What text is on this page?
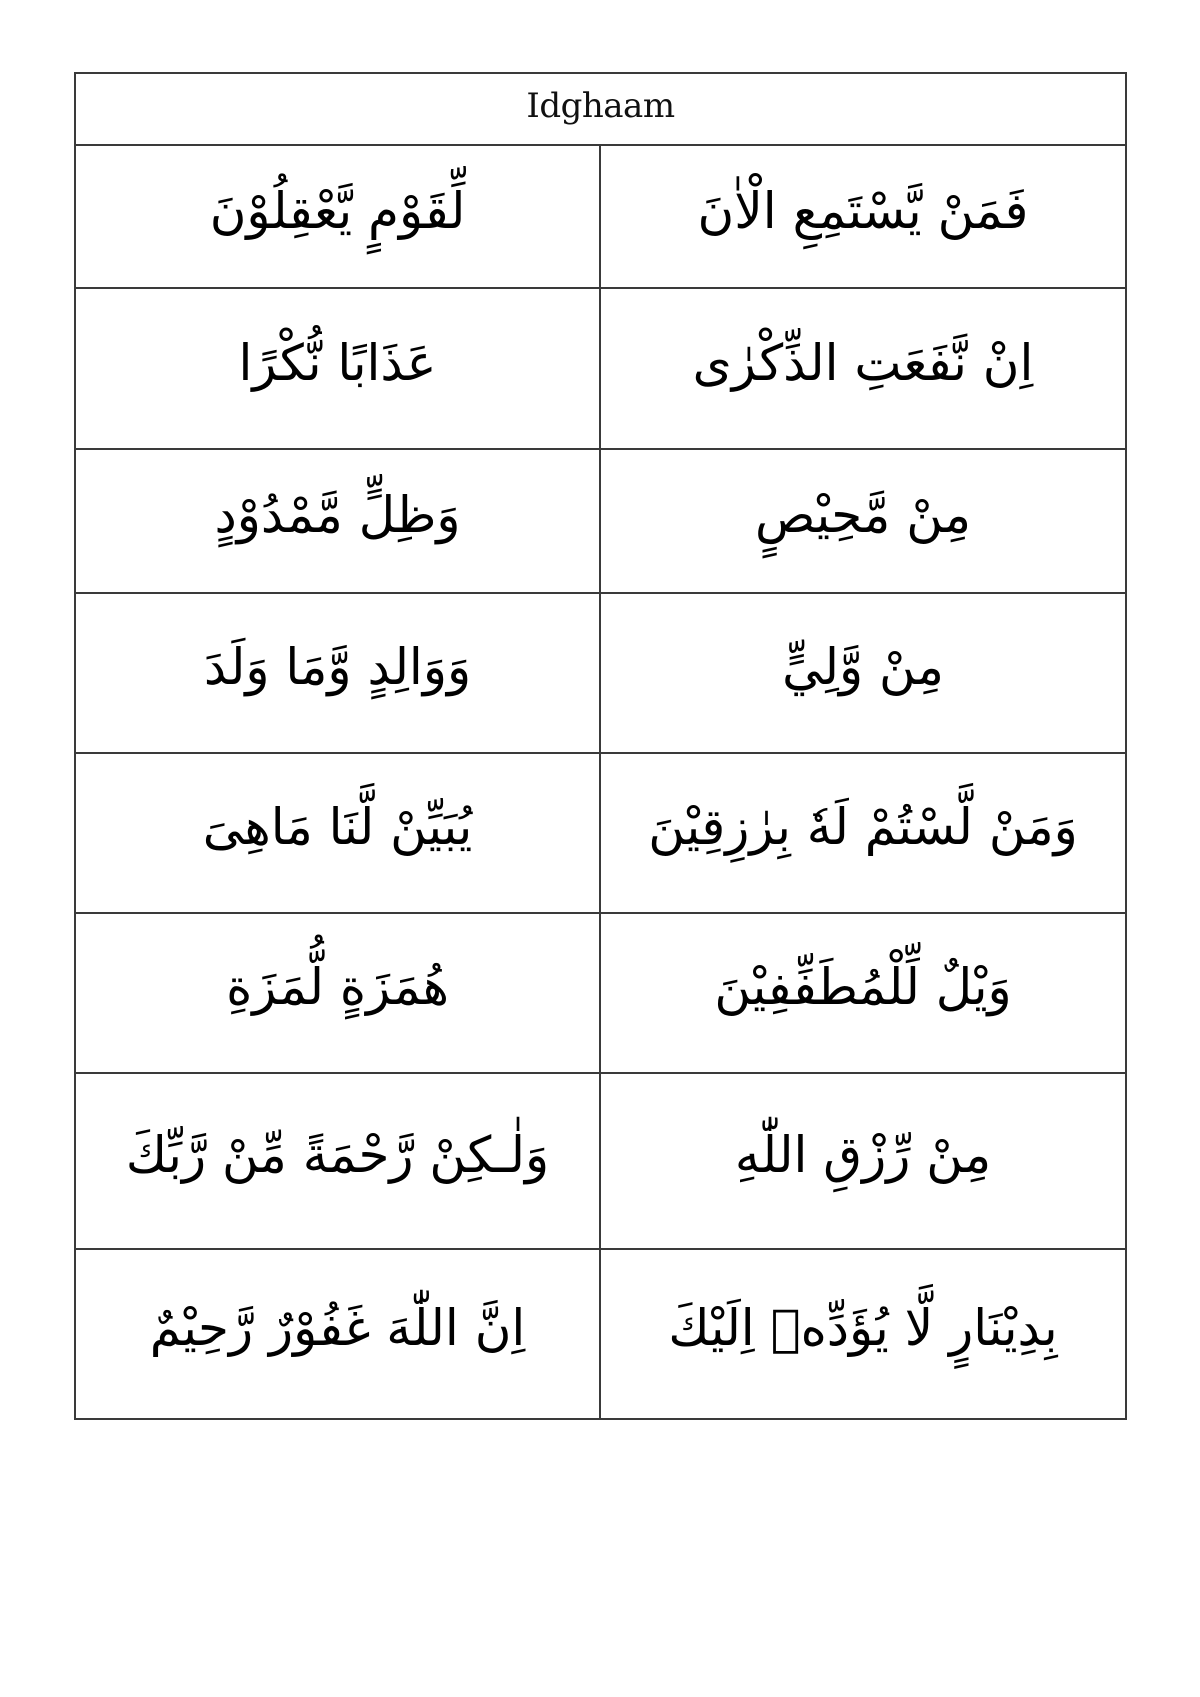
Idghaam
لِّقَوْمٍ يَّعْقِلُوْنَ	فَمَنْ يَّسْتَمِعِ الْاٰنَ
عَذَابًا نُّكْرًا	اِنْ نَّفَعَتِ الذِّكْرٰى
وَظِلٍّ مَّمْدُوْدٍ	مِنْ مَّحِيْصٍ
وَوَالِدٍ وَّمَا وَلَدَ	مِنْ وَّلِيٍّ
يُبَيِّنْ لَّنَا مَاهِىَ	وَمَنْ لَّسْتُمْ لَهٗ بِرٰزِقِيْنَ
هُمَزَةٍ لُّمَزَةِ	وَيْلٌ لِّلْمُطَفِّفِيْنَ
وَلٰـكِنْ رَّحْمَةً مِّنْ رَّبِّكَ	مِنْ رِّزْقِ اللّٰهِ
اِنَّ اللّٰهَ غَفُوْرٌ رَّحِيْمٌ	بِدِيْنَارٍ لَّا يُؤَدِّهٖ اِلَيْكَ
